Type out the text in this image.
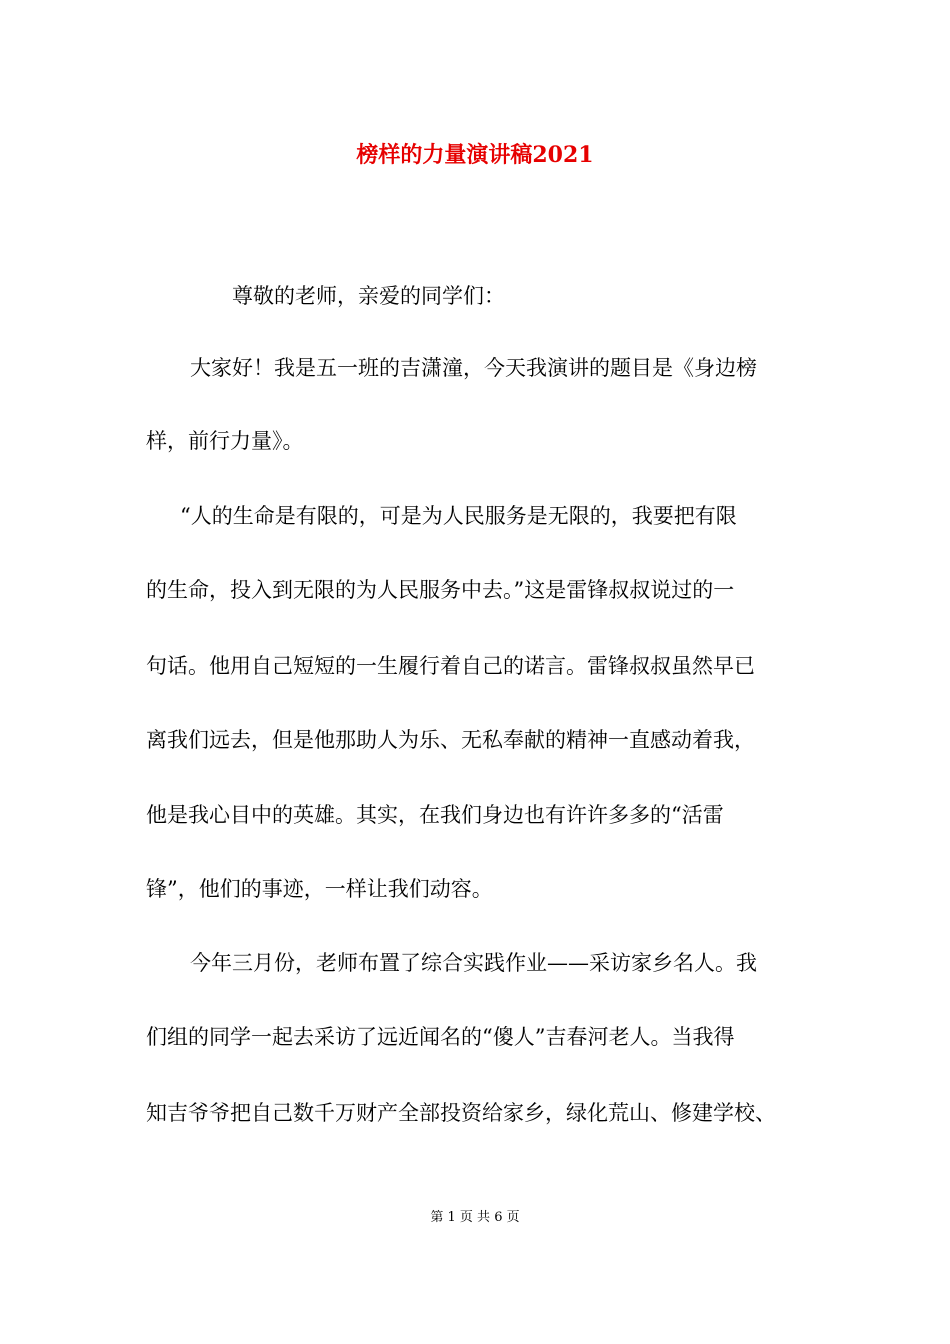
榜样的力量演讲稿2021
尊敬的老师，亲爱的同学们：
大家好！我是五一班的吉潇潼，今天我演讲的题目是《身边榜
样，前行力量》。
“人的生命是有限的，可是为人民服务是无限的，我要把有限
的生命，投入到无限的为人民服务中去。”这是雷锋叔叔说过的一
句话。他用自己短短的一生履行着自己的诺言。雷锋叔叔虽然早已
离我们远去，但是他那助人为乐、无私奉献的精神一直感动着我，
他是我心目中的英雄。其实，在我们身边也有许许多多的“活雷
锋”，他们的事迹，一样让我们动容。
今年三月份，老师布置了综合实践作业——采访家乡名人。我
们组的同学一起去采访了远近闻名的“傻人”吉春河老人。当我得
知吉爷爷把自己数千万财产全部投资给家乡，绿化荒山、修建学校、
第 1 页 共 6 页
